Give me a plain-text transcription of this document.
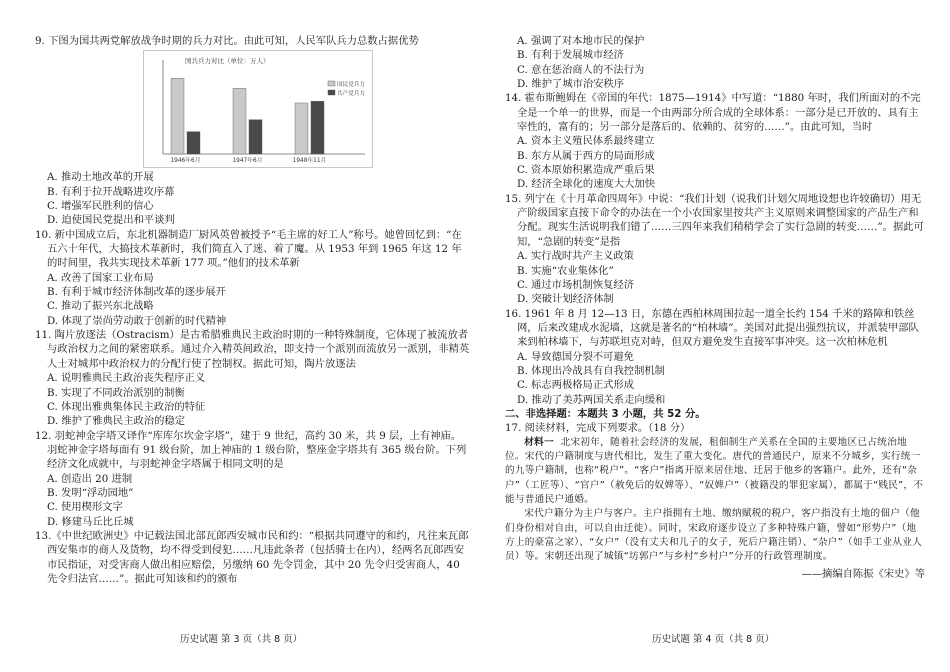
9. 下图为国共两党解放战争时期的兵力对比。由此可知，人民军队兵力总数占据优势

国共兵力对比（单位：万人）
1946年6月	1947年6月	1948年11月
国民党兵力
共产党兵力

A. 推动土地改革的开展

B. 有利于拉开战略进攻序幕

C. 增强军民胜利的信心

D. 迫使国民党提出和平谈判

10. 新中国成立后，东北机器制造厂厨风英曾被授予“毛主席的好工人”称号。她曾回忆到：“在五六十年代，大搞技术革新时，我们简直入了迷、着了魔。从 1953 年到 1965 年这 12 年的时间里，我共实现技术革新 177 项。”他们的技术革新

A. 改善了国家工业布局

B. 有利于城市经济体制改革的逐步展开

C. 推动了振兴东北战略

D. 体现了崇尚劳动敢于创新的时代精神

11. 陶片放逐法（Ostracism）是古希腊雅典民主政治时期的一种特殊制度，它体现了被流放者与政治权力之间的紧密联系。通过介入精英间政治，即支持一个派别而流放另一派别，非精英人士对城邦中政治权力的分配行使了控制权。据此可知，陶片放逐法

A. 说明雅典民主政治丧失程序正义

B. 实现了不同政治派别的制衡

C. 体现出雅典集体民主政治的特征

D. 维护了雅典民主政治的稳定

12. 羽蛇神金字塔又译作“库库尔坎金字塔”，建于 9 世纪，高约 30 米，共 9 层，上有神庙。羽蛇神金字塔每面有 91 级台阶，加上神庙的 1 级台阶，整座金字塔共有 365 级台阶。下列经济文化成就中，与羽蛇神金字塔属于相同文明的是

A. 创造出 20 进制

B. 发明“浮动园地”

C. 使用楔形文字

D. 修建马丘比丘城

13.《中世纪欧洲史》中记载法国北部瓦郎西安城市民和约：“根据共同遵守的和约，凡往来瓦郎西安集市的商人及货物，均不得受到侵犯……凡违此条者（包括骑士在内），经两名瓦郎西安市民指证，对受害商人做出相应赔偿，另缴纳 60 先令罚金，其中 20 先令归受害商人，40 先令归法官……”。据此可知该和约的颁布

历史试题 第 3 页（共 8 页）

A. 强调了对本地市民的保护

B. 有利于发展城市经济

C. 意在惩治商人的不法行为

D. 维护了城市治安秩序

14. 霍布斯鲍姆在《帝国的年代：1875—1914》中写道：“1880 年时，我们所面对的不完全是一个单一的世界，而是一个由两部分所合成的全球体系：一部分是已开放的、具有主宰性的，富有的；另一部分是落后的、依赖的、贫穷的……”。由此可知，当时

A. 资本主义殖民体系最终建立

B. 东方从属于西方的局面形成

C. 资本原始积累造成严重后果

D. 经济全球化的速度大大加快

15. 列宁在《十月革命四周年》中说：“我们计划（说我们计划欠周地设想也许较确切）用无产阶级国家直接下命令的办法在一个小农国家里按共产主义原则来调整国家的产品生产和分配。现实生活说明我们错了……三四年来我们稍稍学会了实行急剧的转变……”。据此可知，“急剧的转变”是指

A. 实行战时共产主义政策

B. 实施“农业集体化”

C. 通过市场机制恢复经济

D. 突破计划经济体制

16. 1961 年 8 月 12—13 日，东德在西柏林周围拉起一道全长约 154 千米的路障和铁丝网，后来改建成水泥墙，这就是著名的“柏林墙”。美国对此提出强烈抗议，并派装甲部队来到柏林墙下，与苏联坦克对峙，但双方避免发生直接军事冲突。这一次柏林危机

A. 导致德国分裂不可避免

B. 体现出冷战具有自我控制机制

C. 标志两极格局正式形成

D. 推动了美苏两国关系走向缓和

二、非选择题：本题共 3 小题，共 52 分。

17. 阅读材料，完成下列要求。（18 分）

材料一 北宋初年，随着社会经济的发展，租佃制生产关系在全国的主要地区已占统治地位。宋代的户籍制度与唐代相比，发生了重大变化。唐代的普通民户，原来不分城乡，实行统一的九等户籍制，也称“税户”。“客户”指离开原来居住地、迁居于他乡的客籍户。此外，还有“杂户”（工匠等）、“官户”（赦免后的奴婢等）、“奴婢户”（被籍没的罪犯家属），都属于“贱民”，不能与普通民户通婚。

宋代户籍分为主户与客户。主户指拥有土地、缴纳赋税的税户，客户指没有土地的佃户（他们身份相对自由，可以自由迁徙）。同时，宋政府逐步设立了多种特殊户籍，譬如“形势户”（地方上的豪富之家）、“女户”（没有丈夫和儿子的女子，死后户籍注销）、“杂户”（如手工业从业人员）等。宋朝还出现了城镇“坊郭户”与乡村“乡村户”分开的行政管理制度。

——摘编自陈振《宋史》等

历史试题 第 4 页（共 8 页）
